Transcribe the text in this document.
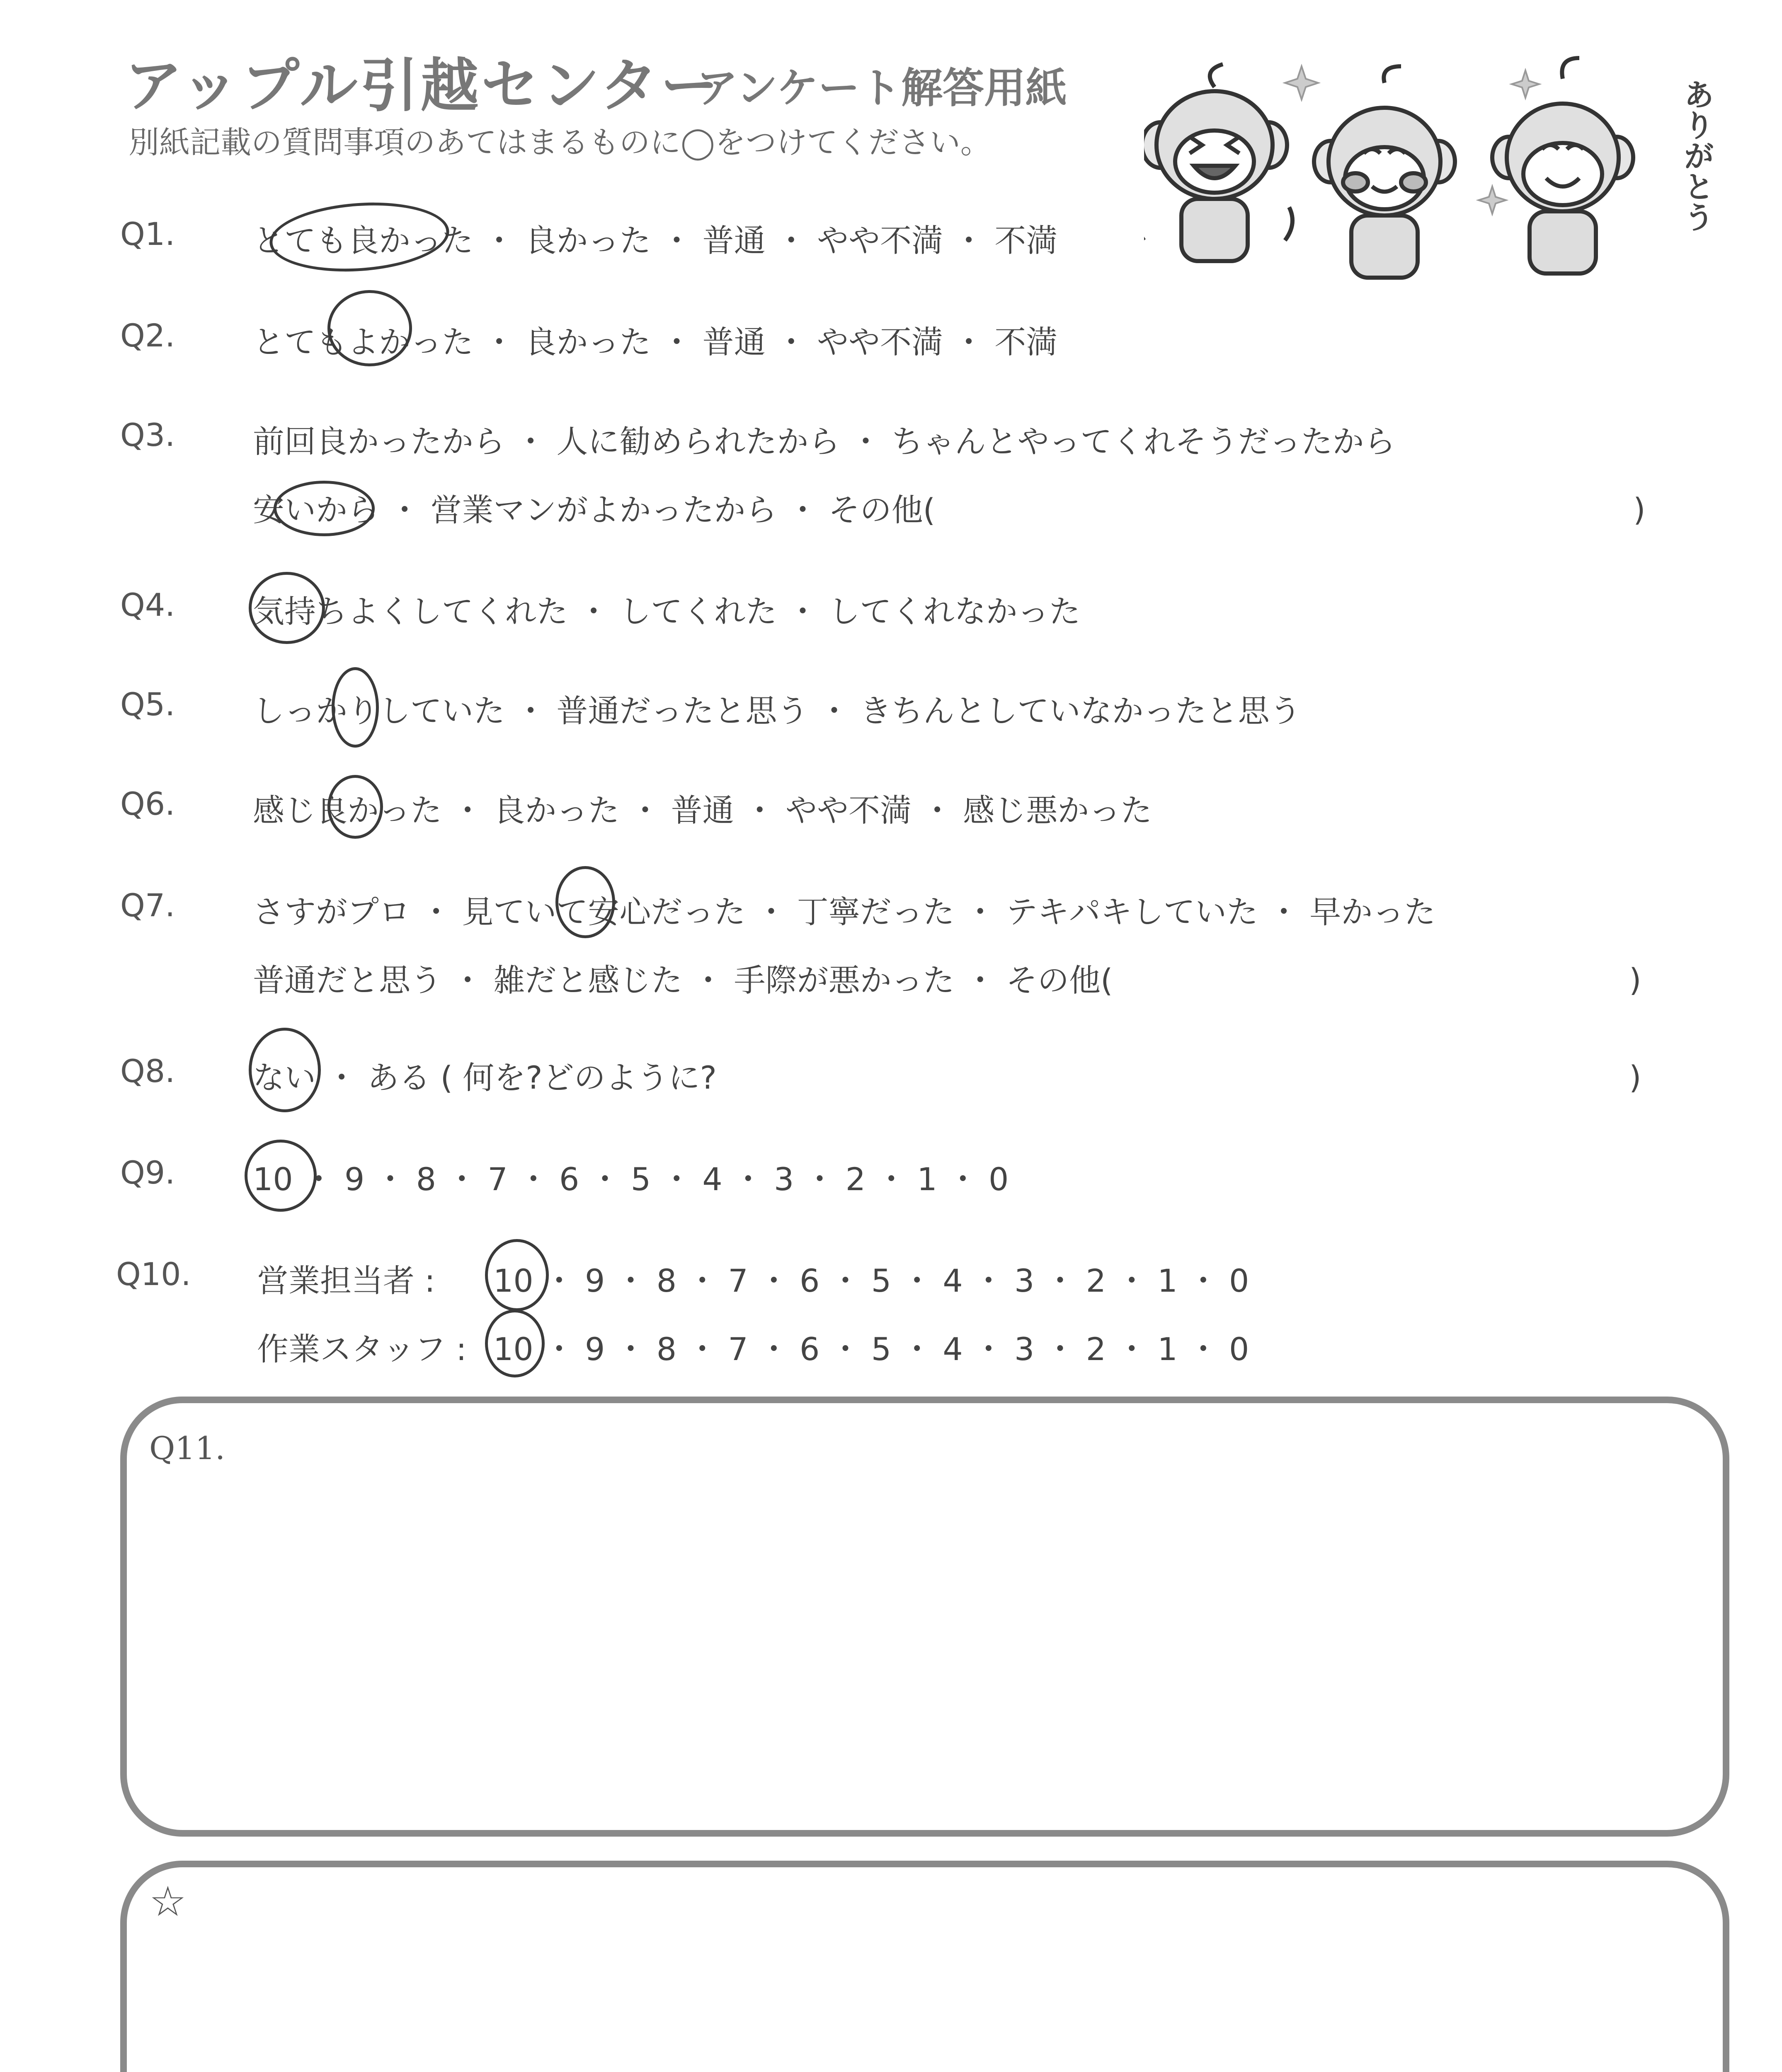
アップル引越センター
アンケート解答用紙
別紙記載の質問事項のあてはまるものに◯をつけてください。	ありがとう
Q1. とても良かった ・ 良かった ・ 普通 ・ やや不満 ・ 不満
Q2. とてもよかった ・ 良かった ・ 普通 ・ やや不満 ・ 不満
Q3. 前回良かったから ・ 人に勧められたから ・ ちゃんとやってくれそうだったから
安いから ・ 営業マンがよかったから ・ その他(	)
Q4. 気持ちよくしてくれた ・ してくれた ・ してくれなかった
Q5. しっかりしていた ・ 普通だったと思う ・ きちんとしていなかったと思う
Q6. 感じ良かった ・ 良かった ・ 普通 ・ やや不満 ・ 感じ悪かった
Q7. さすがプロ ・ 見ていて安心だった ・ 丁寧だった ・ テキパキしていた ・ 早かった
普通だと思う ・ 雑だと感じた ・ 手際が悪かった ・ その他(	)
Q8. ない ・ ある ( 何を?どのように?	)
Q9. 10 ・ 9 ・ 8 ・ 7 ・ 6 ・ 5 ・ 4 ・ 3 ・ 2 ・ 1 ・ 0
Q10. 営業担当者 : 10 ・ 9 ・ 8 ・ 7 ・ 6 ・ 5 ・ 4 ・ 3 ・ 2 ・ 1 ・ 0
作業スタッフ : 10 ・ 9 ・ 8 ・ 7 ・ 6 ・ 5 ・ 4 ・ 3 ・ 2 ・ 1 ・ 0
Q11.
☆
